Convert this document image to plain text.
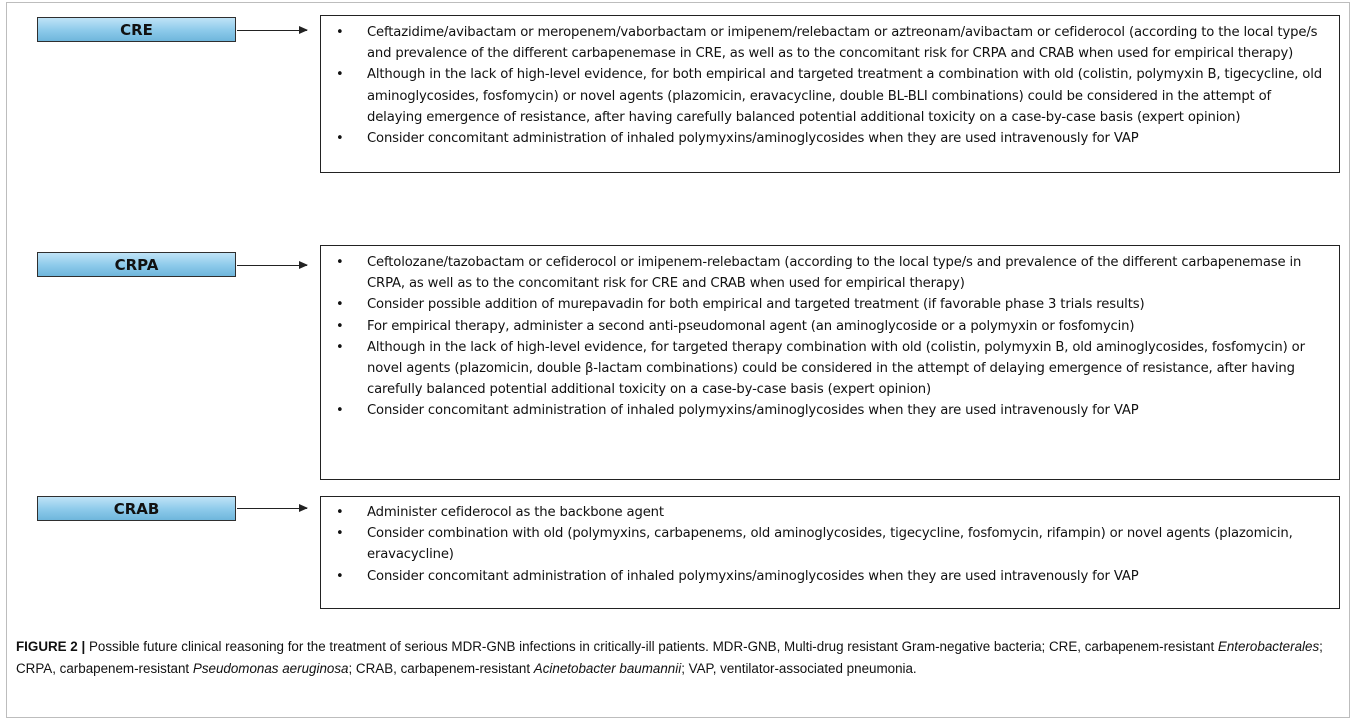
CRE	• Ceftazidime/avibactam or meropenem/vaborbactam or imipenem/relebactam or aztreonam/avibactam or cefiderocol (according to the local type/s and prevalence of the different carbapenemase in CRE, as well as to the concomitant risk for CRPA and CRAB when used for empirical therapy)
• Although in the lack of high-level evidence, for both empirical and targeted treatment a combination with old (colistin, polymyxin B, tigecycline, old aminoglycosides, fosfomycin) or novel agents (plazomicin, eravacycline, double BL-BLI combinations) could be considered in the attempt of delaying emergence of resistance, after having carefully balanced potential additional toxicity on a case-by-case basis (expert opinion)
• Consider concomitant administration of inhaled polymyxins/aminoglycosides when they are used intravenously for VAP
CRPA	• Ceftolozane/tazobactam or cefiderocol or imipenem-relebactam (according to the local type/s and prevalence of the different carbapenemase in CRPA, as well as to the concomitant risk for CRE and CRAB when used for empirical therapy)
• Consider possible addition of murepavadin for both empirical and targeted treatment (if favorable phase 3 trials results)
• For empirical therapy, administer a second anti-pseudomonal agent (an aminoglycoside or a polymyxin or fosfomycin)
• Although in the lack of high-level evidence, for targeted therapy combination with old (colistin, polymyxin B, old aminoglycosides, fosfomycin) or novel agents (plazomicin, double β-lactam combinations) could be considered in the attempt of delaying emergence of resistance, after having carefully balanced potential additional toxicity on a case-by-case basis (expert opinion)
• Consider concomitant administration of inhaled polymyxins/aminoglycosides when they are used intravenously for VAP
CRAB	• Administer cefiderocol as the backbone agent
• Consider combination with old (polymyxins, carbapenems, old aminoglycosides, tigecycline, fosfomycin, rifampin) or novel agents (plazomicin, eravacycline)
• Consider concomitant administration of inhaled polymyxins/aminoglycosides when they are used intravenously for VAP
FIGURE 2 | Possible future clinical reasoning for the treatment of serious MDR-GNB infections in critically-ill patients. MDR-GNB, Multi-drug resistant Gram-negative bacteria; CRE, carbapenem-resistant Enterobacterales; CRPA, carbapenem-resistant Pseudomonas aeruginosa; CRAB, carbapenem-resistant Acinetobacter baumannii; VAP, ventilator-associated pneumonia.
